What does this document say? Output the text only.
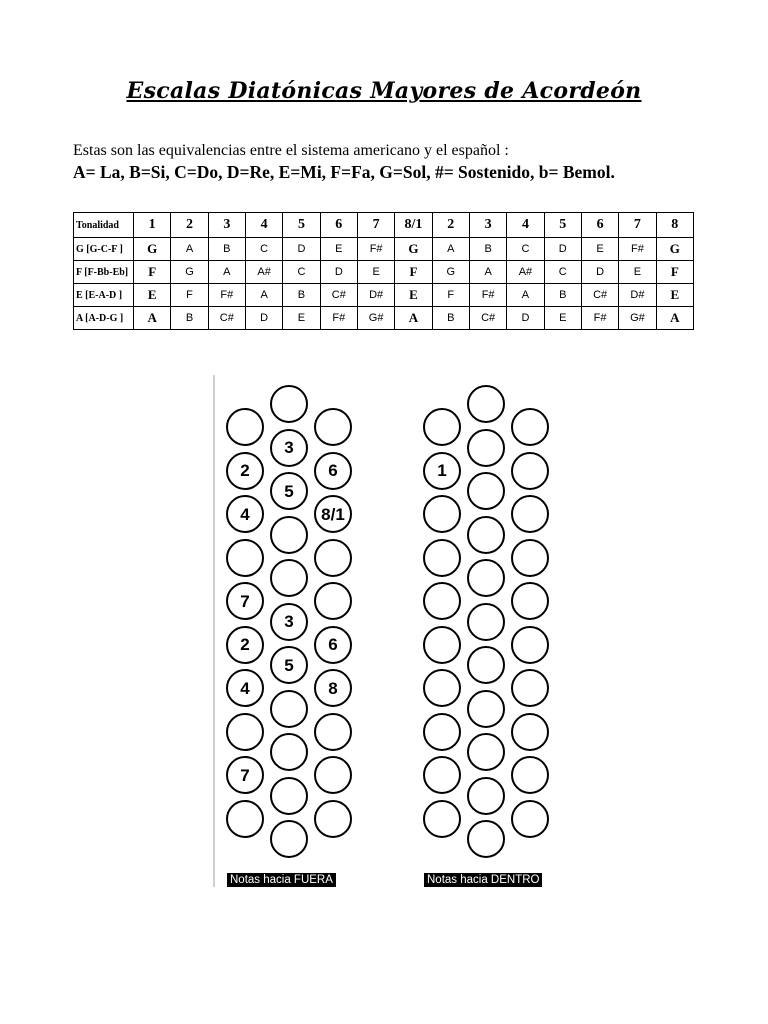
Escalas Diatónicas Mayores de Acordeón
Estas son las equivalencias entre el sistema americano y el español :
A= La, B=Si, C=Do, D=Re, E=Mi, F=Fa, G=Sol, #= Sostenido, b= Bemol.
Tonalidad	1	2	3	4	5	6	7	8/1	2	3	4	5	6	7	8
G [G-C-F ]	G	A	B	C	D	E	F#	G	A	B	C	D	E	F#	G
F [F-Bb-Eb]	F	G	A	A#	C	D	E	F	G	A	A#	C	D	E	F
E [E-A-D ]	E	F	F#	A	B	C#	D#	E	F	F#	A	B	C#	D#	E
A [A-D-G ]	A	B	C#	D	E	F#	G#	A	B	C#	D	E	F#	G#	A
Notas hacia FUERA
2
4
7
2
4
7
3
5
3
5
6
8/1
6
8
Notas hacia DENTRO
1
